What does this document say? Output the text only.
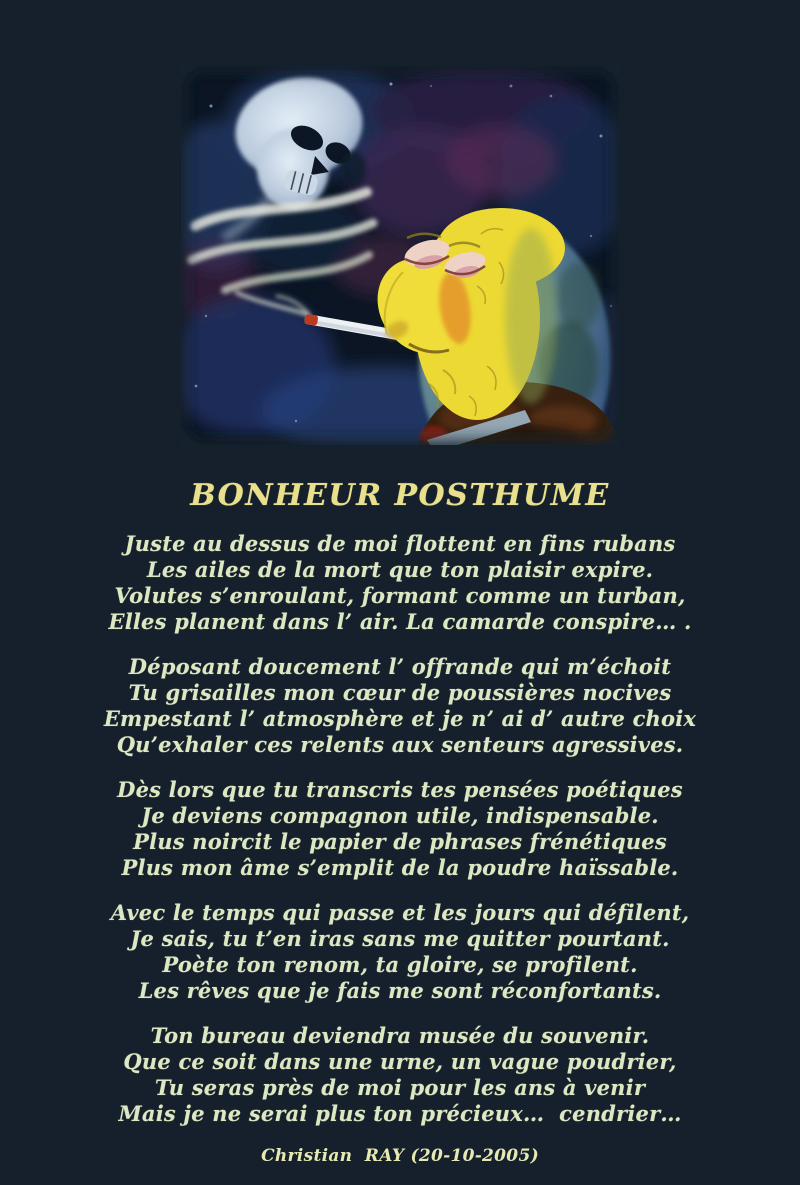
BONHEUR POSTHUME

Juste au dessus de moi flottent en fins rubans

Les ailes de la mort que ton plaisir expire.

Volutes s’enroulant, formant comme un turban,

Elles planent dans l’ air. La camarde conspire… .

Déposant doucement l’ offrande qui m’échoit

Tu grisailles mon cœur de poussières nocives

Empestant l’ atmosphère et je n’ ai d’ autre choix

Qu’exhaler ces relents aux senteurs agressives.

Dès lors que tu transcris tes pensées poétiques

Je deviens compagnon utile, indispensable.

Plus noircit le papier de phrases frénétiques

Plus mon âme s’emplit de la poudre haïssable.

Avec le temps qui passe et les jours qui défilent,

Je sais, tu t’en iras sans me quitter pourtant.

Poète ton renom, ta gloire, se profilent.

Les rêves que je fais me sont réconfortants.

Ton bureau deviendra musée du souvenir.

Que ce soit dans une urne, un vague poudrier,

Tu seras près de moi pour les ans à venir

Mais je ne serai plus ton précieux…  cendrier…

Christian  RAY (20-10-2005)
